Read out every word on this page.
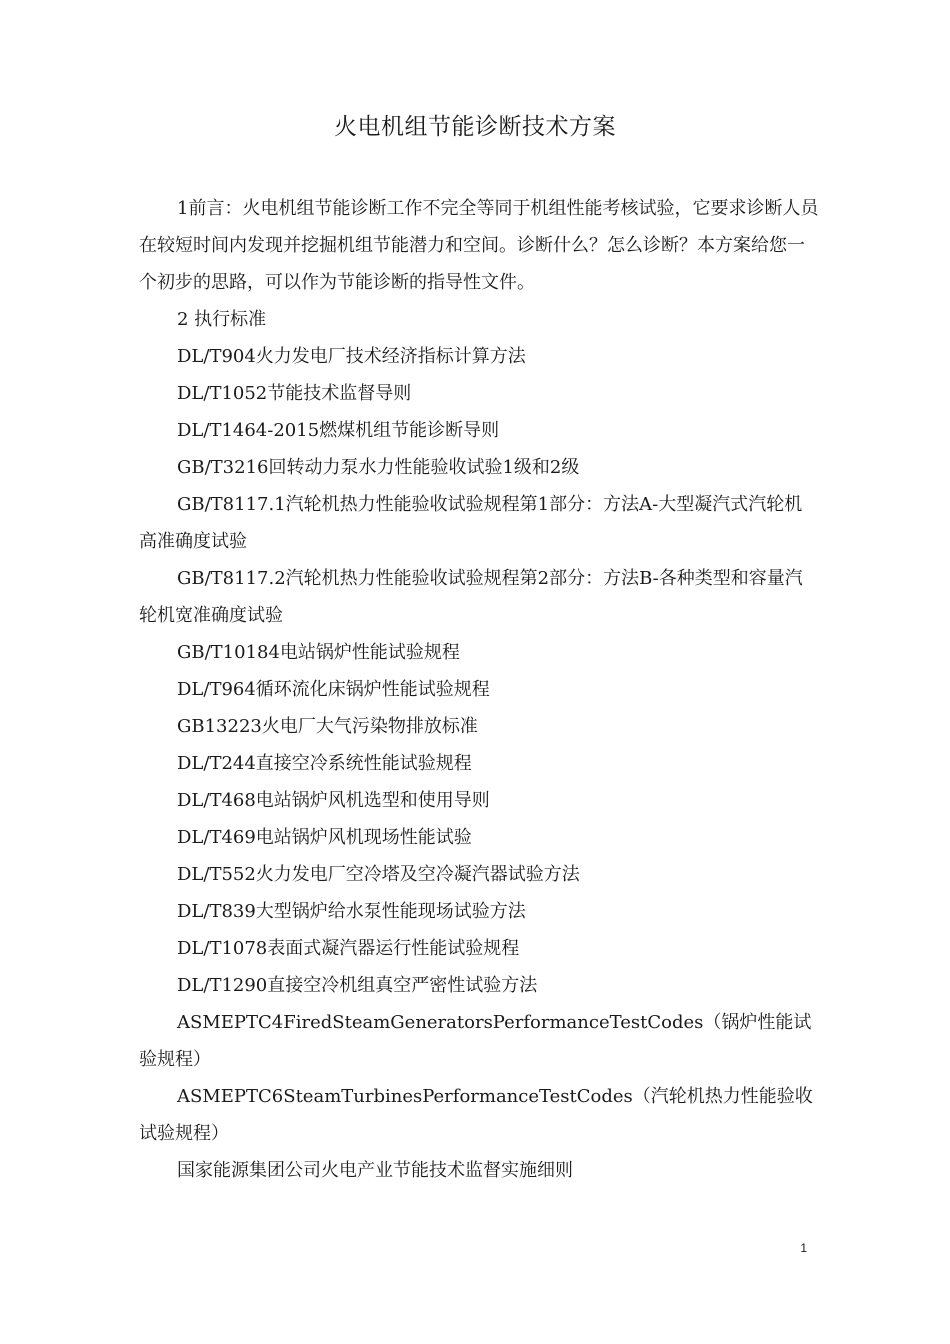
火电机组节能诊断技术方案

1前言：火电机组节能诊断工作不完全等同于机组性能考核试验，它要求诊断人员在较短时间内发现并挖掘机组节能潜力和空间。诊断什么？怎么诊断？本方案给您一个初步的思路，可以作为节能诊断的指导性文件。

2 执行标准

DL/T904火力发电厂技术经济指标计算方法
DL/T1052节能技术监督导则
DL/T1464-2015燃煤机组节能诊断导则
GB/T3216回转动力泵水力性能验收试验1级和2级
GB/T8117.1汽轮机热力性能验收试验规程第1部分：方法A-大型凝汽式汽轮机高准确度试验
GB/T8117.2汽轮机热力性能验收试验规程第2部分：方法B-各种类型和容量汽轮机宽准确度试验
GB/T10184电站锅炉性能试验规程
DL/T964循环流化床锅炉性能试验规程
GB13223火电厂大气污染物排放标准
DL/T244直接空冷系统性能试验规程
DL/T468电站锅炉风机选型和使用导则
DL/T469电站锅炉风机现场性能试验
DL/T552火力发电厂空冷塔及空冷凝汽器试验方法
DL/T839大型锅炉给水泵性能现场试验方法
DL/T1078表面式凝汽器运行性能试验规程
DL/T1290直接空冷机组真空严密性试验方法
ASMEPTC4FiredSteamGeneratorsPerformanceTestCodes（锅炉性能试验规程）
ASMEPTC6SteamTurbinesPerformanceTestCodes（汽轮机热力性能验收试验规程）
国家能源集团公司火电产业节能技术监督实施细则
1
